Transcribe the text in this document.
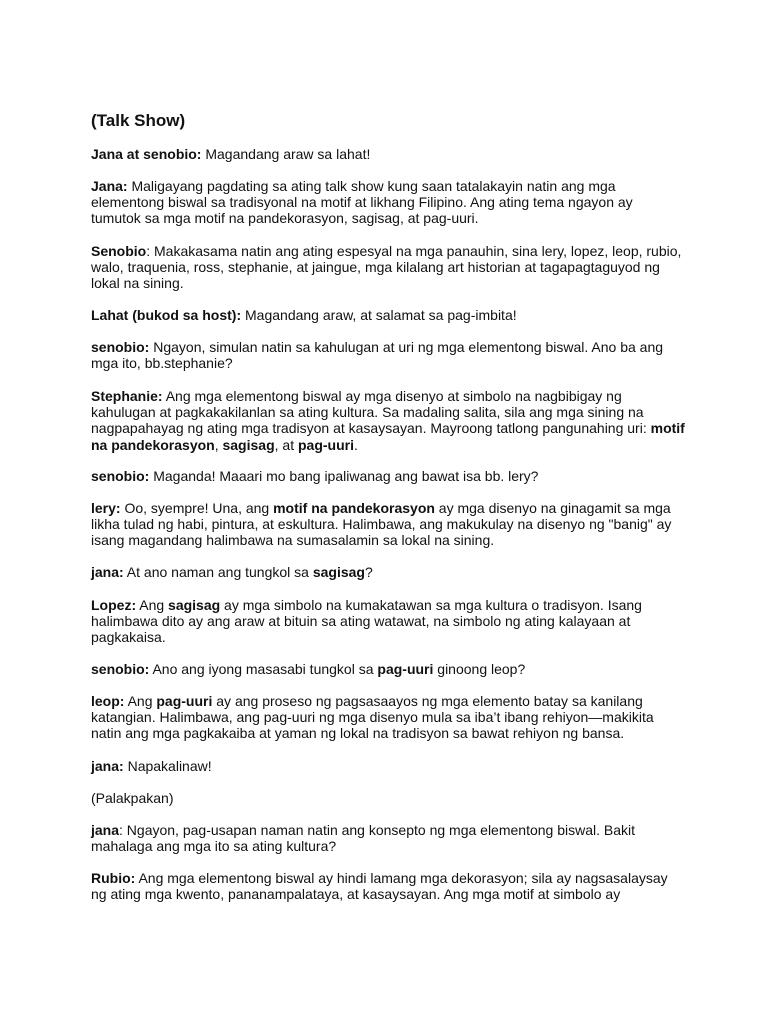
(Talk Show)
Jana at senobio: Magandang araw sa lahat!
Jana: Maligayang pagdating sa ating talk show kung saan tatalakayin natin ang mga
elementong biswal sa tradisyonal na motif at likhang Filipino. Ang ating tema ngayon ay
tumutok sa mga motif na pandekorasyon, sagisag, at pag-uuri.
Senobio: Makakasama natin ang ating espesyal na mga panauhin, sina lery, lopez, leop, rubio,
walo, traquenia, ross, stephanie, at jaingue, mga kilalang art historian at tagapagtaguyod ng
lokal na sining.
Lahat (bukod sa host): Magandang araw, at salamat sa pag-imbita!
senobio: Ngayon, simulan natin sa kahulugan at uri ng mga elementong biswal. Ano ba ang
mga ito, bb.stephanie?
Stephanie: Ang mga elementong biswal ay mga disenyo at simbolo na nagbibigay ng
kahulugan at pagkakakilanlan sa ating kultura. Sa madaling salita, sila ang mga sining na
nagpapahayag ng ating mga tradisyon at kasaysayan. Mayroong tatlong pangunahing uri: motif
na pandekorasyon, sagisag, at pag-uuri.
senobio: Maganda! Maaari mo bang ipaliwanag ang bawat isa bb. lery?
lery: Oo, syempre! Una, ang motif na pandekorasyon ay mga disenyo na ginagamit sa mga
likha tulad ng habi, pintura, at eskultura. Halimbawa, ang makukulay na disenyo ng "banig" ay
isang magandang halimbawa na sumasalamin sa lokal na sining.
jana: At ano naman ang tungkol sa sagisag?
Lopez: Ang sagisag ay mga simbolo na kumakatawan sa mga kultura o tradisyon. Isang
halimbawa dito ay ang araw at bituin sa ating watawat, na simbolo ng ating kalayaan at
pagkakaisa.
senobio: Ano ang iyong masasabi tungkol sa pag-uuri ginoong leop?
leop: Ang pag-uuri ay ang proseso ng pagsasaayos ng mga elemento batay sa kanilang
katangian. Halimbawa, ang pag-uuri ng mga disenyo mula sa iba’t ibang rehiyon—makikita
natin ang mga pagkakaiba at yaman ng lokal na tradisyon sa bawat rehiyon ng bansa.
jana: Napakalinaw!
(Palakpakan)
jana: Ngayon, pag-usapan naman natin ang konsepto ng mga elementong biswal. Bakit
mahalaga ang mga ito sa ating kultura?
Rubio: Ang mga elementong biswal ay hindi lamang mga dekorasyon; sila ay nagsasalaysay
ng ating mga kwento, pananampalataya, at kasaysayan. Ang mga motif at simbolo ay
